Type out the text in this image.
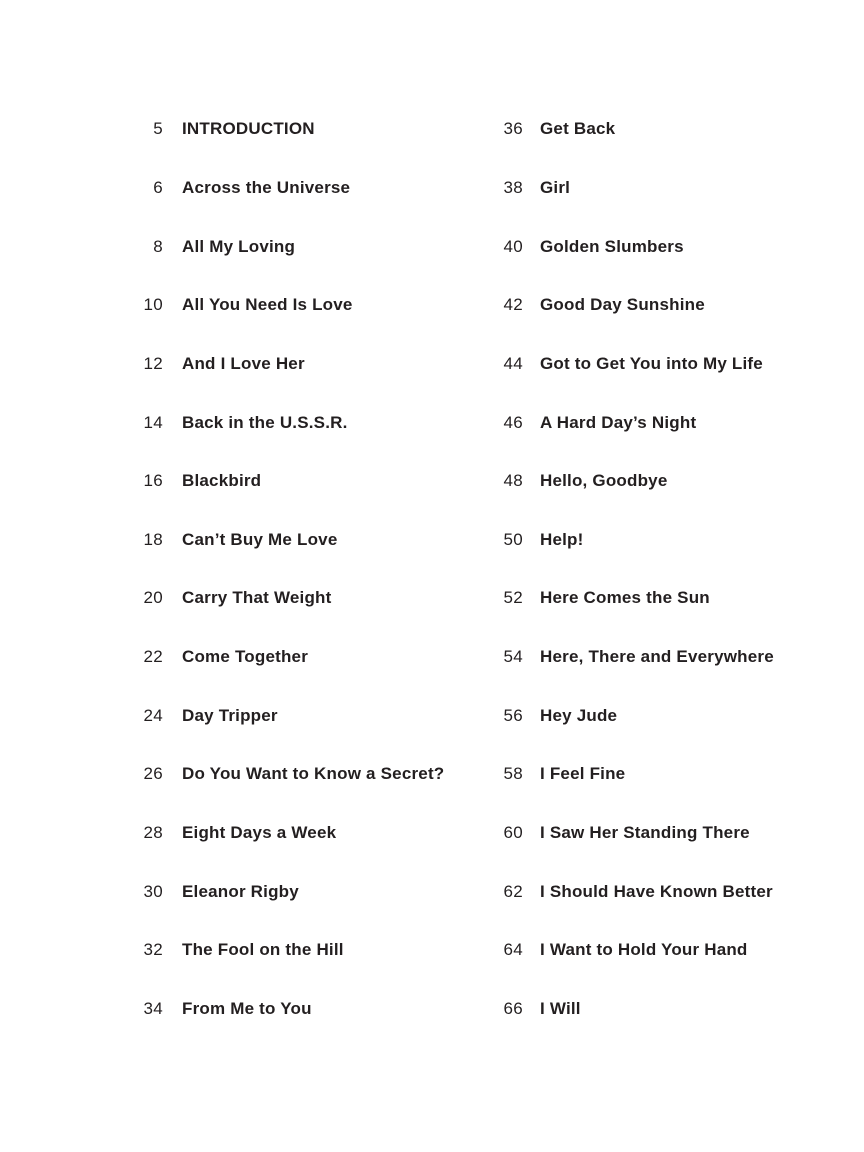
5 INTRODUCTION
6 Across the Universe
8 All My Loving
10 All You Need Is Love
12 And I Love Her
14 Back in the U.S.S.R.
16 Blackbird
18 Can’t Buy Me Love
20 Carry That Weight
22 Come Together
24 Day Tripper
26 Do You Want to Know a Secret?
28 Eight Days a Week
30 Eleanor Rigby
32 The Fool on the Hill
34 From Me to You
36 Get Back
38 Girl
40 Golden Slumbers
42 Good Day Sunshine
44 Got to Get You into My Life
46 A Hard Day’s Night
48 Hello, Goodbye
50 Help!
52 Here Comes the Sun
54 Here, There and Everywhere
56 Hey Jude
58 I Feel Fine
60 I Saw Her Standing There
62 I Should Have Known Better
64 I Want to Hold Your Hand
66 I Will
